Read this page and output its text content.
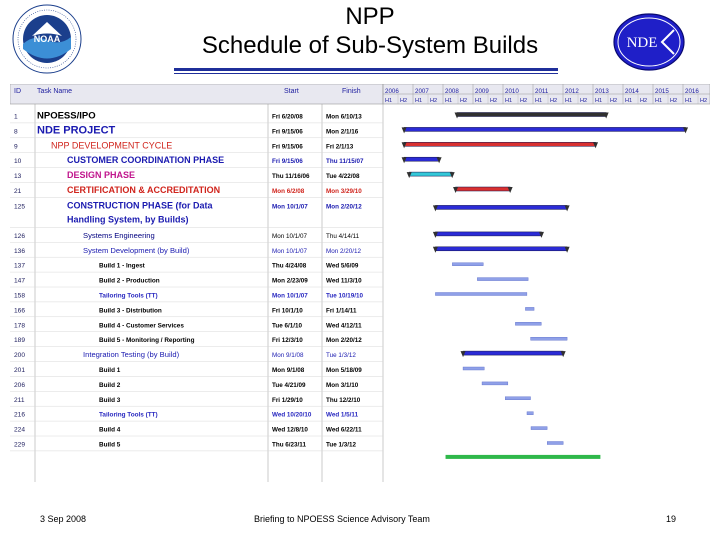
NOAA
NPP
Schedule of Sub-System Builds	NDE
ID Task Name	Start	Finish	2006
H1 H2
2007
H1 H2
2008
H1 H2
2009
H1 H2
2010
H1 H2
2011
H1 H2
2012
H1 H2
2013
H1 H2
2014
H1 H2
2015
H1 H2
2016
H1 H2
1 NPOESS/IPO	Fri 6/20/08	Mon 6/10/13
8 NDE PROJECT	Fri 9/15/06	Mon 2/1/16
9	NPP DEVELOPMENT CYCLE	Fri 9/15/06	Fri 2/1/13
10	CUSTOMER COORDINATION PHASE	Fri 9/15/06	Thu 11/15/07
13	DESIGN PHASE	Thu 11/16/06	Tue 4/22/08
21	CERTIFICATION & ACCREDITATION	Mon 6/2/08	Mon 3/29/10
125	CONSTRUCTION PHASE (for Data
Handling System, by Builds)
Mon 10/1/07	Mon 2/20/12
126	Systems Engineering	Mon 10/1/07	Thu 4/14/11
136	System Development (by Build)	Mon 10/1/07	Mon 2/20/12
137	Build 1 - Ingest	Thu 4/24/08	Wed 5/6/09
147	Build 2 - Production	Mon 2/23/09	Wed 11/3/10
158	Tailoring Tools (TT)	Mon 10/1/07	Tue 10/19/10
166	Build 3 - Distribution	Fri 10/1/10	Fri 1/14/11
178	Build 4 - Customer Services	Tue 6/1/10	Wed 4/12/11
189	Build 5 - Monitoring / Reporting	Fri 12/3/10	Mon 2/20/12
200	Integration Testing (by Build)	Mon 9/1/08	Tue 1/3/12
201	Build 1	Mon 9/1/08	Mon 5/18/09
206	Build 2	Tue 4/21/09	Mon 3/1/10
211	Build 3	Fri 1/29/10	Thu 12/2/10
216	Tailoring Tools (TT)	Wed 10/20/10 Wed 1/5/11
224	Build 4	Wed 12/8/10	Wed 6/22/11
229	Build 5	Thu 6/23/11	Tue 1/3/12
3 Sep 2008	Briefing to NPOESS Science Advisory Team	19
